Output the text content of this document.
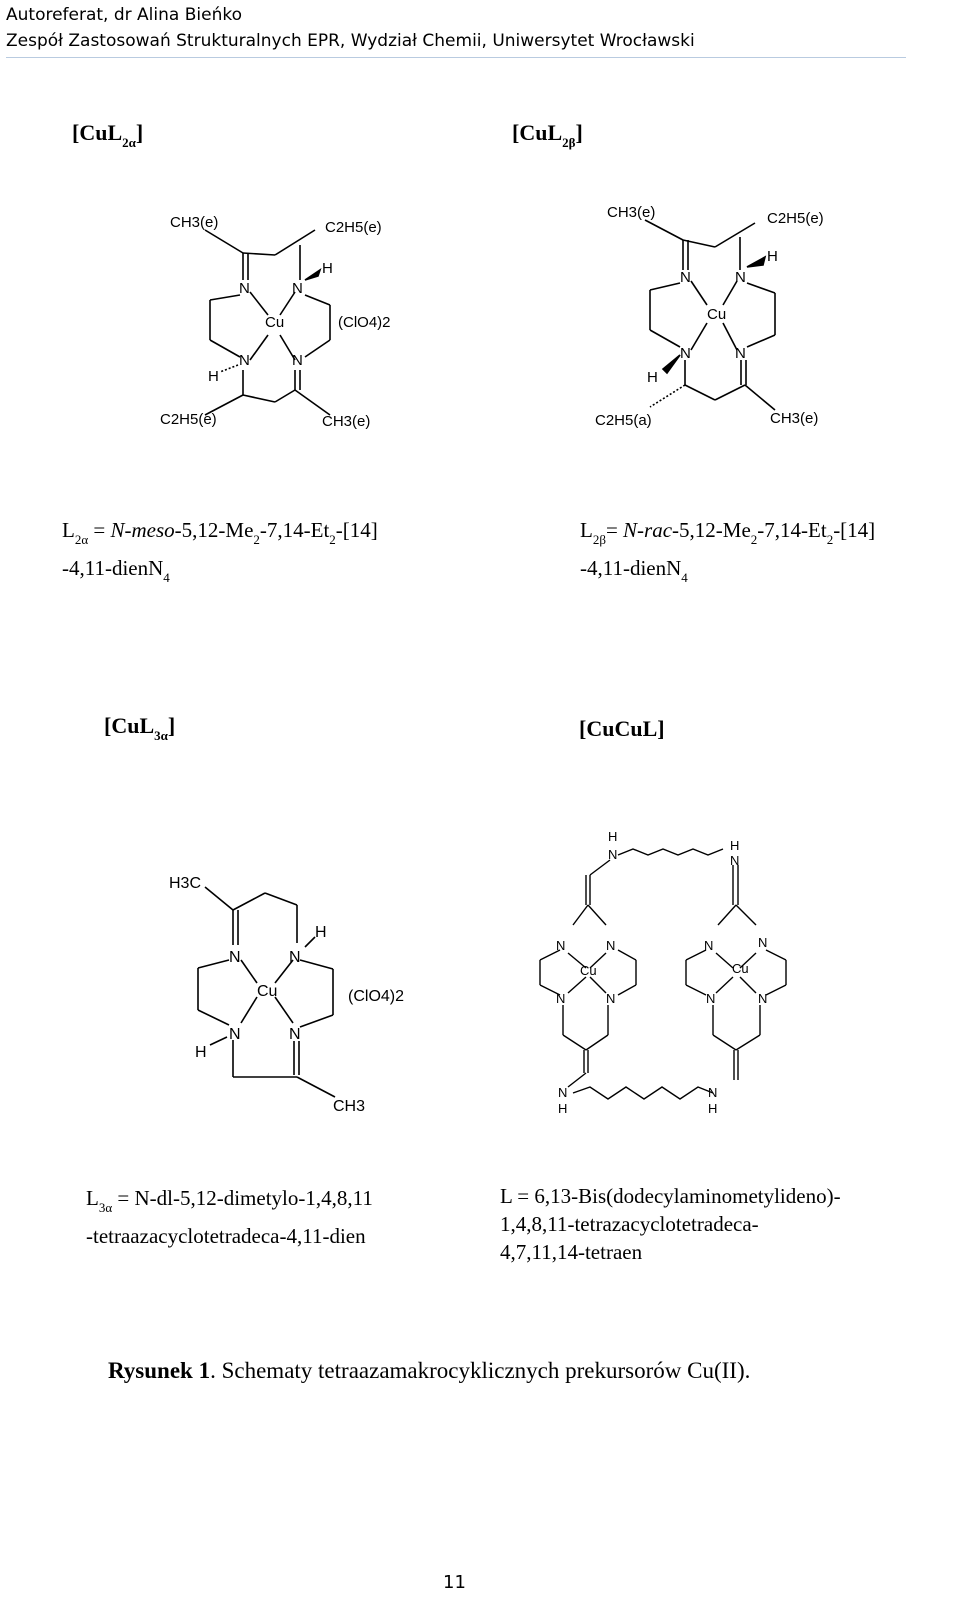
Autoreferat, dr Alina Bieńko
Zespół Zastosowań Strukturalnych EPR, Wydział Chemii, Uniwersytet Wrocławski
[CuL$_{2\alpha}$]	[CuL$_{2\beta}$]
[CuL$_{3\alpha}$]	[CuCuL]
CH3(e)	C2H5(e)
N	N
H
Cu	(ClO4)2
N	N
H
C2H5(e)	CH3(e)
CH3(e)	C2H5(e)
N	N
H
Cu
N	N
H
C2H5(a)	CH3(e)
$L_{2\alpha}$ = $N-meso-5,12-Me_2-7,14-Et_2-[14]$
-4,11-dienN$_4$
$L_{2\beta}= N-rac-5,12-Me_2-7,14-Et_2-[14]$
-4,11-dienN$_4$
H3C
N	N
H
Cu	(ClO4)2
N	N
H
CH3
H
N
H
N
N	N
Cu
N	N
N	N
Cu
N	N
N
H
N
H
$L_{3\alpha}$ = N-dl-5,12-dimetylo-1,4,8,11
-tetraazacyclotetradeca-4,11-dien
L = 6,13-Bis(dodecylaminometylideno)-
1,4,8,11-tetrazacyclotetradeca-
4,7,11,14-tetraen
Rysunek 1. Schematy tetraazamakrocyklicznych prekursorów Cu(II).
11
